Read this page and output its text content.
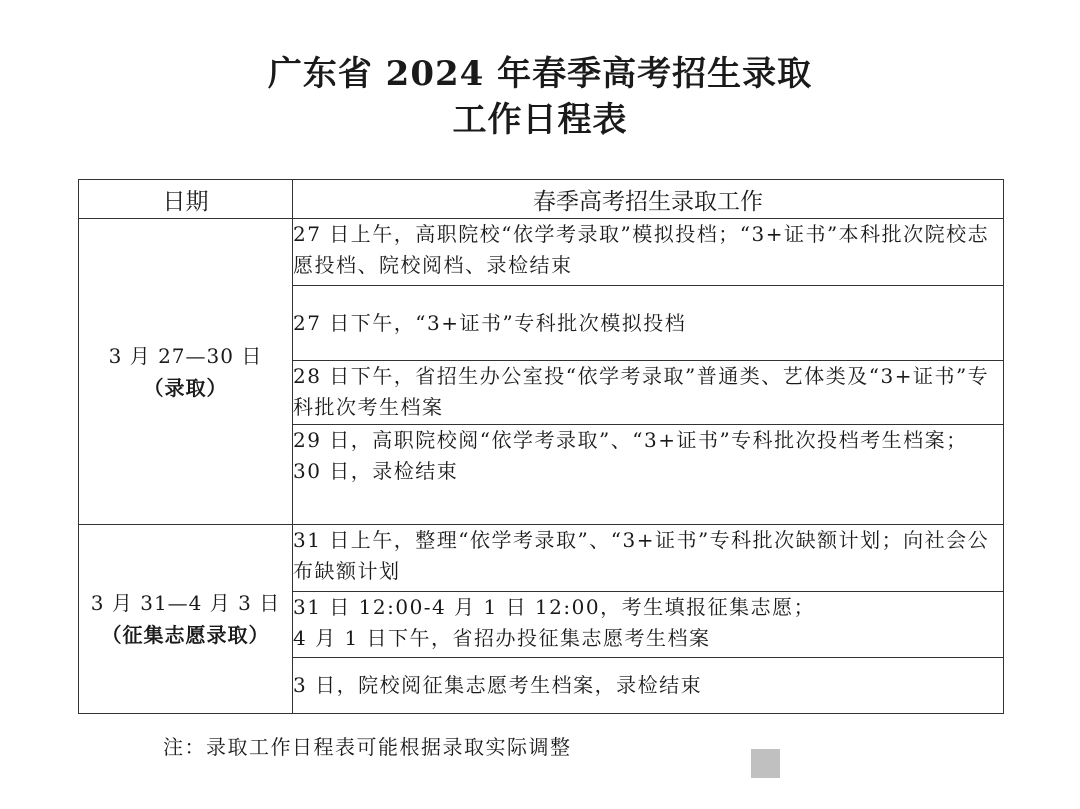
广东省 2024 年春季高考招生录取
工作日程表
日期	春季高考招生录取工作

3 月 27—30 日
（录取）	27 日上午，高职院校“依学考录取”模拟投档；“3+证书”本科批次院校志愿投档、院校阅档、录检结束

	27 日下午，“3+证书”专科批次模拟投档

	28 日下午，省招生办公室投“依学考录取”普通类、艺体类及“3+证书”专科批次考生档案

	29 日，高职院校阅“依学考录取”、“3+证书”专科批次投档考生档案；
30 日，录检结束

3 月 31—4 月 3 日
（征集志愿录取）	31 日上午，整理“依学考录取”、“3+证书”专科批次缺额计划；向社会公布缺额计划

	31 日 12:00-4 月 1 日 12:00，考生填报征集志愿；
4 月 1 日下午，省招办投征集志愿考生档案

	3 日，院校阅征集志愿考生档案，录检结束
注：录取工作日程表可能根据录取实际调整
